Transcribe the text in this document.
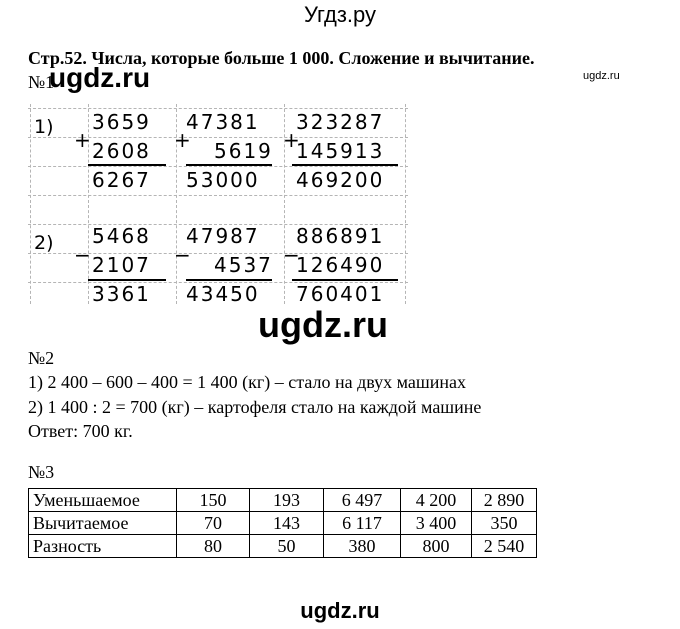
Угдз.ру
Стр.52. Числа, которые больше 1 000. Сложение и вычитание.
ugdz.ru
№1
ugdz.ru
1) 3659
+ 2608
6267
47381
+ 5619
53000
323287
+
145913
469200
2) 5468
− 2107
3361
47987
− 4537
43450
886891
−
126490
760401
ugdz.ru
№2
1) 2 400 – 600 – 400 = 1 400 (кг) – стало на двух машинах
2) 1 400 : 2 = 700 (кг) – картофеля стало на каждой машине
Ответ: 700 кг.
№3
Уменьшаемое	150	193	6 497	4 200	2 890
Вычитаемое	70	143	6 117	3 400	350
Разность	80	50	380	800	2 540
ugdz.ru
